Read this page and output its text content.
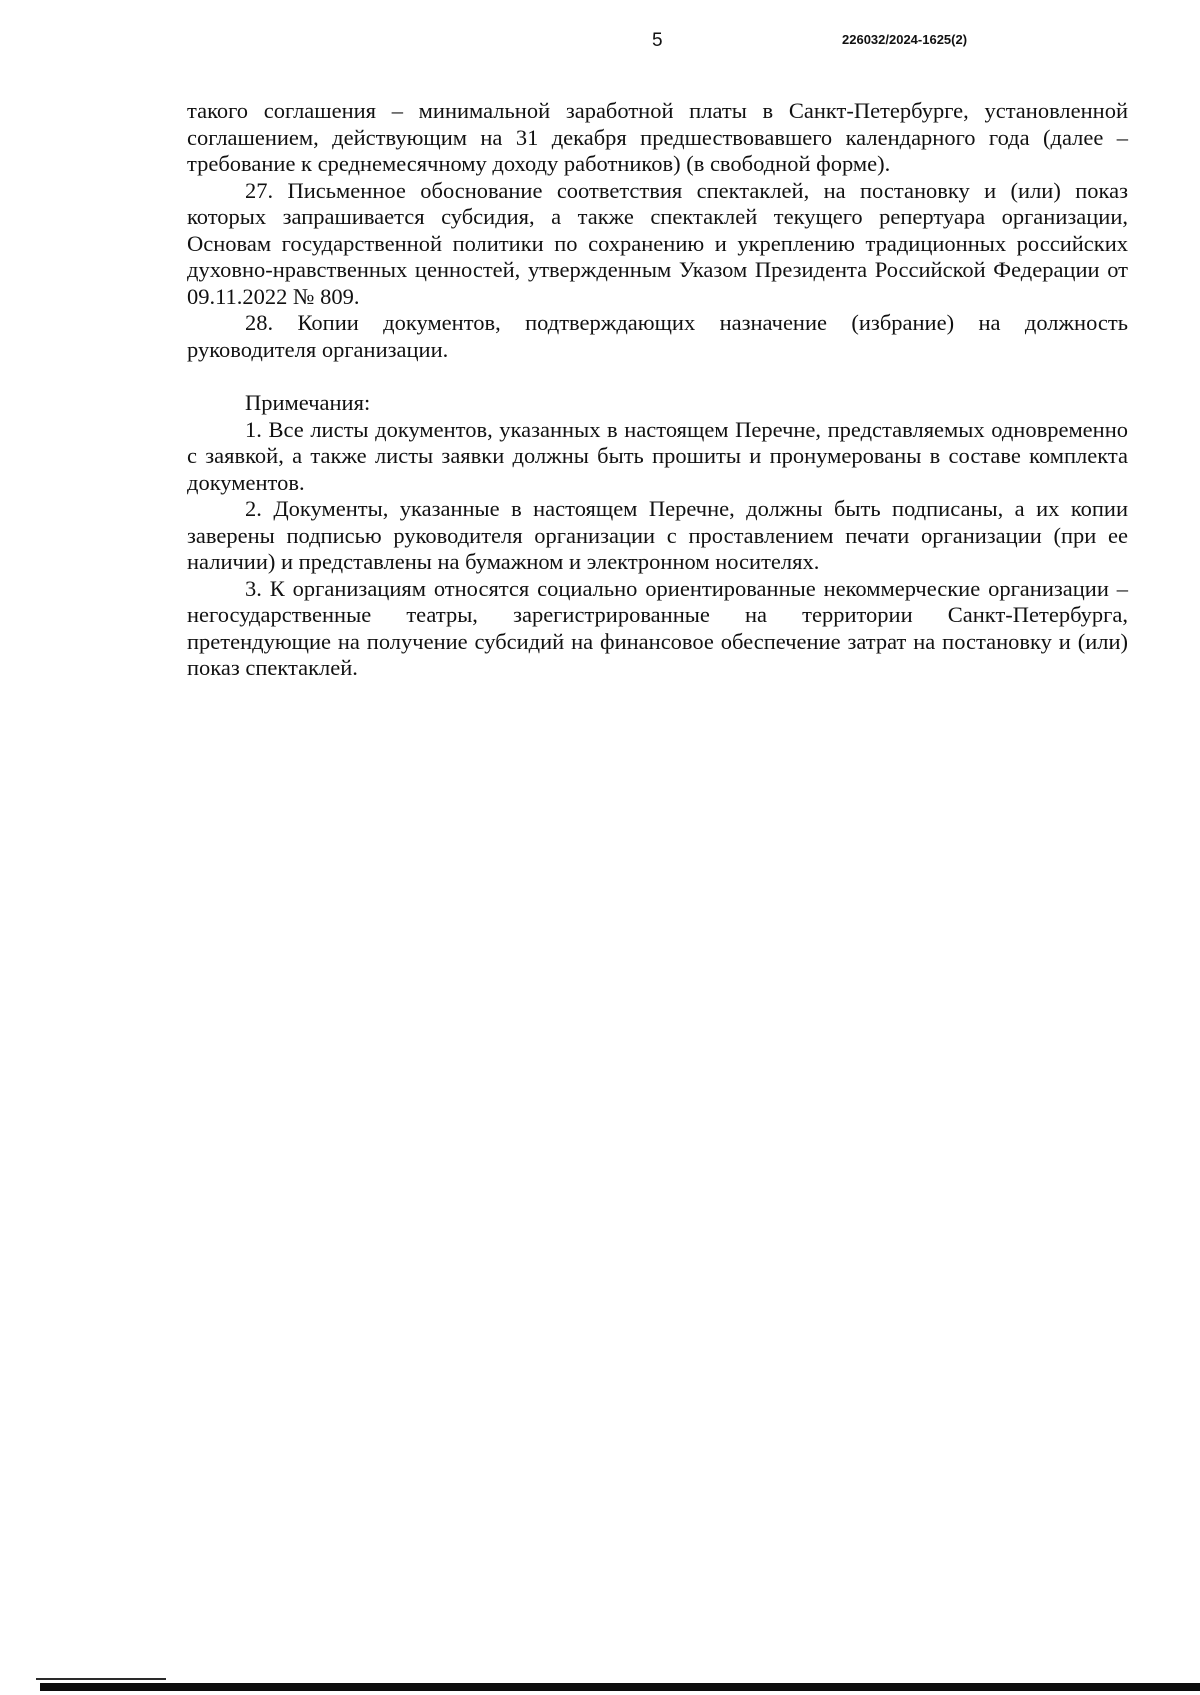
5	226032/2024-1625(2)

такого соглашения – минимальной заработной платы в Санкт-Петербурге, установленной соглашением, действующим на 31 декабря предшествовавшего календарного года (далее – требование к среднемесячному доходу работников) (в свободной форме).

27. Письменное обоснование соответствия спектаклей, на постановку и (или) показ которых запрашивается субсидия, а также спектаклей текущего репертуара организации, Основам государственной политики по сохранению и укреплению традиционных российских духовно-нравственных ценностей, утвержденным Указом Президента Российской Федерации от 09.11.2022 № 809.

28. Копии документов, подтверждающих назначение (избрание) на должность руководителя организации.

Примечания:

1. Все листы документов, указанных в настоящем Перечне, представляемых одновременно с заявкой, а также листы заявки должны быть прошиты и пронумерованы в составе комплекта документов.

2. Документы, указанные в настоящем Перечне, должны быть подписаны, а их копии заверены подписью руководителя организации с проставлением печати организации (при ее наличии) и представлены на бумажном и электронном носителях.

3. К организациям относятся социально ориентированные некоммерческие организации – негосударственные театры, зарегистрированные на территории Санкт-Петербурга, претендующие на получение субсидий на финансовое обеспечение затрат на постановку и (или) показ спектаклей.
